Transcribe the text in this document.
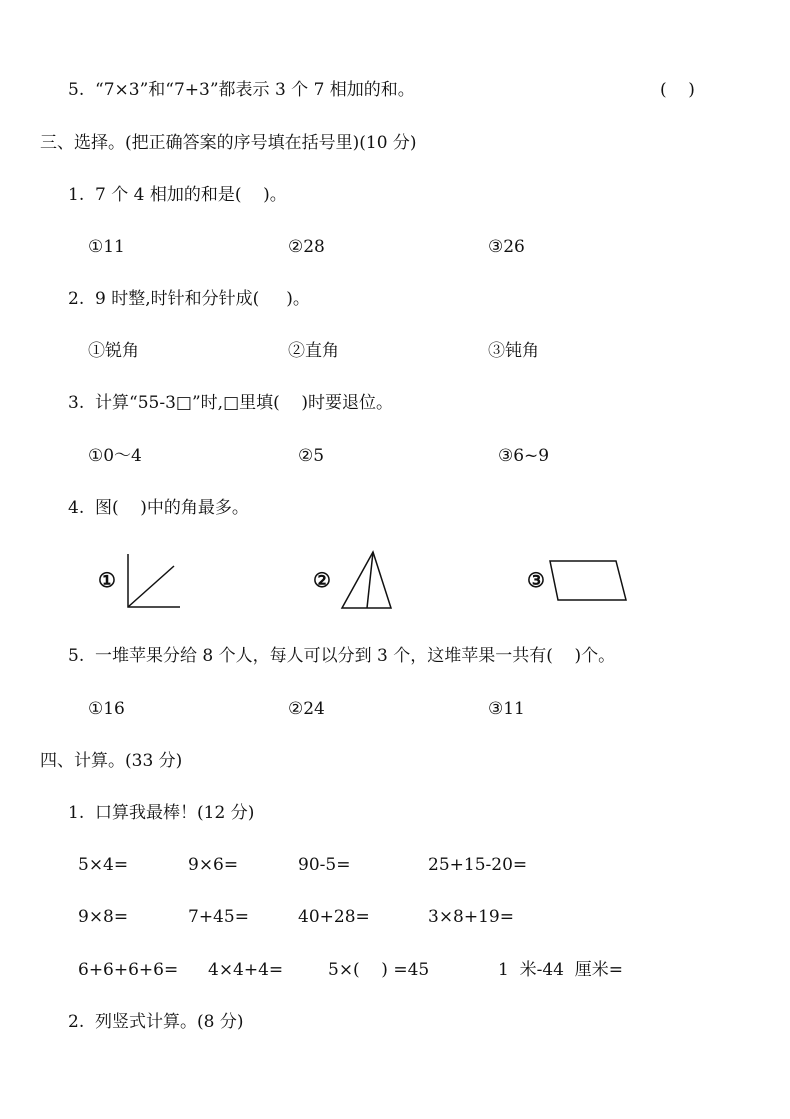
5.  “7×3”和“7+3”都表示 3 个 7 相加的和。	(    )
三、选择。(把正确答案的序号填在括号里)(10 分)
1.  7 个 4 相加的和是(    )。
①11	②28	③26
2.  9 时整,时针和分针成(     )。
①锐角	②直角	③钝角
3.  计算“55-3□”时,□里填(    )时要退位。
①0～4	②5	③6~9
4.  图(    )中的角最多。
①	②	③
5.  一堆苹果分给 8 个人，每人可以分到 3 个，这堆苹果一共有(    )个。
①16	②24	③11
四、计算。(33 分)
1.  口算我最棒！(12 分)
5×4=	9×6=	90-5=	25+15-20=
9×8=	7+45=	40+28=	3×8+19=
6+6+6+6= 4×4+4=	5×(    ) =45	1  米-44  厘米=
2.  列竖式计算。(8 分)
